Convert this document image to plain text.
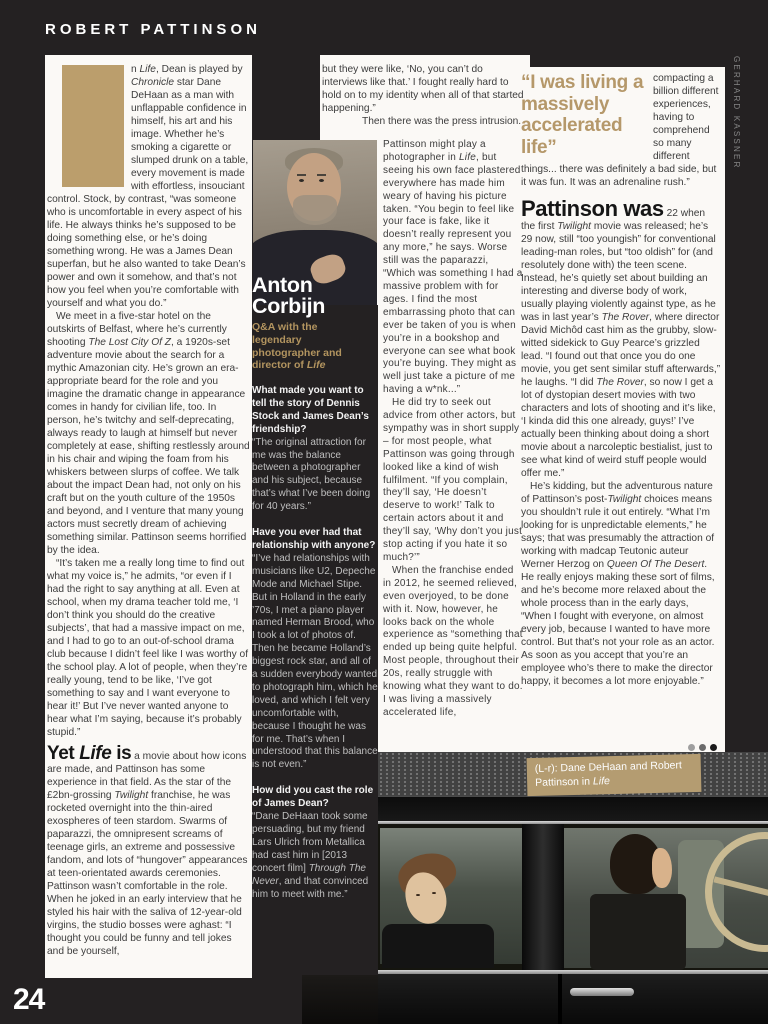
ROBERT PATTINSON
GERHARD KASSNER

n Life, Dean is played by Chronicle star Dane DeHaan as a man with unflappable confidence in himself, his art and his image. Whether he’s smoking a cigarette or slumped drunk on a table, every movement is made with effortless, insouciant control. Stock, by contrast, “was someone who is uncomfortable in every aspect of his life. He always thinks he’s supposed to be doing something else, or he’s doing something wrong. He was a James Dean superfan, but he also wanted to take Dean’s power and own it somehow, and that’s not how you feel when you’re comfortable with yourself and what you do.”

We meet in a five-star hotel on the outskirts of Belfast, where he’s currently shooting The Lost City Of Z, a 1920s-set adventure movie about the search for a mythic Amazonian city. He’s grown an era-appropriate beard for the role and you imagine the dramatic change in appearance comes in handy for civilian life, too. In person, he’s twitchy and self-deprecating, always ready to laugh at himself but never completely at ease, shifting restlessly around in his chair and wiping the foam from his whiskers between slurps of coffee. We talk about the impact Dean had, not only on his craft but on the youth culture of the 1950s and beyond, and I venture that many young actors must secretly dream of achieving something similar. Pattinson seems horrified by the idea.

“It’s taken me a really long time to find out what my voice is,” he admits, “or even if I had the right to say anything at all. Even at school, when my drama teacher told me, ‘I don’t think you should do the creative subjects’, that had a massive impact on me, and I had to go to an out-of-school drama club because I didn’t feel like I was worthy of the school play. A lot of people, when they’re really young, tend to be like, ‘I’ve got something to say and I want everyone to hear it!’ But I’ve never wanted anyone to hear what I’m saying, because it’s probably stupid.”

Yet Life is a movie about how icons are made, and Pattinson has some experience in that field. As the star of the £2bn-grossing Twilight franchise, he was rocketed overnight into the thin-aired exospheres of teen stardom. Swarms of paparazzi, the omnipresent screams of teenage girls, an extreme and possessive fandom, and lots of “hungover” appearances at teen-orientated awards ceremonies. Pattinson wasn’t comfortable in the role. When he joked in an early interview that he styled his hair with the saliva of 12-year-old virgins, the studio bosses were aghast: “I thought you could be funny and tell jokes and be yourself,

Anton Corbijn
Q&A with the legendary photographer and director of Life

What made you want to tell the story of Dennis Stock and James Dean’s friendship?

“The original attraction for me was the balance between a photographer and his subject, because that’s what I’ve been doing for 40 years.”

Have you ever had that relationship with anyone?

“I’ve had relationships with musicians like U2, Depeche Mode and Michael Stipe. But in Holland in the early ’70s, I met a piano player named Herman Brood, who I took a lot of photos of. Then he became Holland’s biggest rock star, and all of a sudden everybody wanted to photograph him, which he loved, and which I felt very uncomfortable with, because I thought he was for me. That’s when I understood that this balance is not even.”

How did you cast the role of James Dean?

“Dane DeHaan took some persuading, but my friend Lars Ulrich from Metallica had cast him in [2013 concert film] Through The Never, and that convinced him to meet with me.”

but they were like, ‘No, you can’t do interviews like that.’ I fought really hard to hold on to my identity when all of that started happening.”

Then there was the press intrusion.

Pattinson might play a photographer in Life, but seeing his own face plastered everywhere has made him weary of having his picture taken. “You begin to feel like your face is fake, like it doesn’t really represent you any more,” he says. Worse still was the paparazzi, “Which was something I had a massive problem with for ages. I find the most embarrassing photo that can ever be taken of you is when you’re in a bookshop and everyone can see what book you’re buying. They might as well just take a picture of me having a w*nk...”

He did try to seek out advice from other actors, but sympathy was in short supply – for most people, what Pattinson was going through looked like a kind of wish fulfilment. “If you complain, they’ll say, ‘He doesn’t deserve to work!’ Talk to certain actors about it and they’ll say, ‘Why don’t you just stop acting if you hate it so much?’”

When the franchise ended in 2012, he seemed relieved, even overjoyed, to be done with it. Now, however, he looks back on the whole experience as “something that ended up being quite helpful. Most people, throughout their 20s, really struggle with knowing what they want to do. I was living a massively accelerated life,

“I was living a massively accelerated life”
compacting a billion different experiences, having to comprehend so many different things... there was definitely a bad side, but it was fun. It was an adrenaline rush.”

Pattinson was 22 when the first Twilight movie was released; he’s 29 now, still “too youngish” for conventional leading-man roles, but “too oldish” for (and resolutely done with) the teen scene. Instead, he’s quietly set about building an interesting and diverse body of work, usually playing violently against type, as he was in last year’s The Rover, where director David Michôd cast him as the grubby, slow-witted sidekick to Guy Pearce’s grizzled lead. “I found out that once you do one movie, you get sent similar stuff afterwards,” he laughs. “I did The Rover, so now I get a lot of dystopian desert movies with two characters and lots of shooting and it’s like, ‘I kinda did this one already, guys!’ I’ve actually been thinking about doing a short movie about a narcoleptic bestialist, just to see what kind of weird stuff people would offer me.”

He’s kidding, but the adventurous nature of Pattinson’s post-Twilight choices means you shouldn’t rule it out entirely. “What I’m looking for is unpredictable elements,” he says; that was presumably the attraction of working with madcap Teutonic auteur Werner Herzog on Queen Of The Desert. He really enjoys making these sort of films, and he’s become more relaxed about the whole process than in the early days, “When I fought with everyone, on almost every job, because I wanted to have more control. But that’s not your role as an actor. As soon as you accept that you’re an employee who’s there to make the director happy, it becomes a lot more enjoyable.”

(L-r): Dane DeHaan and Robert Pattinson in Life
24
